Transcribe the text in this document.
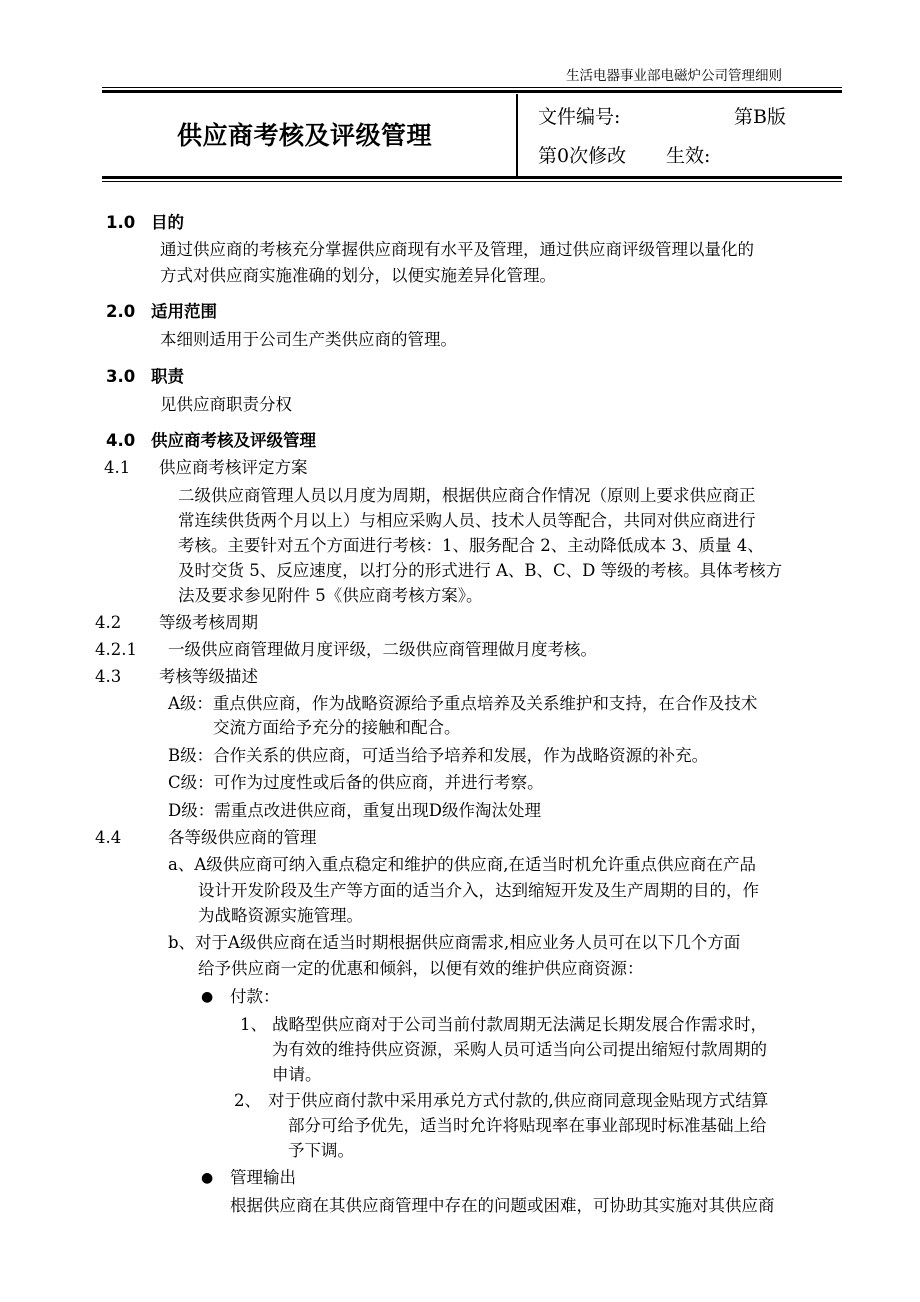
生活电器事业部电磁炉公司管理细则
供应商考核及评级管理
文件编号:	第B版
第0次修改 生效:
1.0 目的
通过供应商的考核充分掌握供应商现有水平及管理，通过供应商评级管理以量化的
方式对供应商实施准确的划分，以便实施差异化管理。
2.0 适用范围
本细则适用于公司生产类供应商的管理。
3.0 职责
见供应商职责分权
4.0 供应商考核及评级管理
4.1 供应商考核评定方案
二级供应商管理人员以月度为周期，根据供应商合作情况（原则上要求供应商正
常连续供货两个月以上）与相应采购人员、技术人员等配合，共同对供应商进行
考核。主要针对五个方面进行考核：1、服务配合 2、主动降低成本 3、质量 4、
及时交货 5、反应速度，以打分的形式进行 A、B、C、D 等级的考核。具体考核方
法及要求参见附件 5《供应商考核方案》。
4.2 等级考核周期
4.2.1 一级供应商管理做月度评级，二级供应商管理做月度考核。
4.3 考核等级描述
A级：重点供应商，作为战略资源给予重点培养及关系维护和支持，在合作及技术
交流方面给予充分的接触和配合。
B级：合作关系的供应商，可适当给予培养和发展，作为战略资源的补充。
C级：可作为过度性或后备的供应商，并进行考察。
D级：需重点改进供应商，重复出现D级作淘汰处理
4.4	各等级供应商的管理
a、A级供应商可纳入重点稳定和维护的供应商,在适当时机允许重点供应商在产品
设计开发阶段及生产等方面的适当介入，达到缩短开发及生产周期的目的，作
为战略资源实施管理。
b、对于A级供应商在适当时期根据供应商需求,相应业务人员可在以下几个方面
给予供应商一定的优惠和倾斜，以便有效的维护供应商资源：
● 付款：
1、 战略型供应商对于公司当前付款周期无法满足长期发展合作需求时，
为有效的维持供应资源，采购人员可适当向公司提出缩短付款周期的
申请。
2、 对于供应商付款中采用承兑方式付款的,供应商同意现金贴现方式结算
部分可给予优先，适当时允许将贴现率在事业部现时标准基础上给
予下调。
● 管理输出
根据供应商在其供应商管理中存在的问题或困难，可协助其实施对其供应商
